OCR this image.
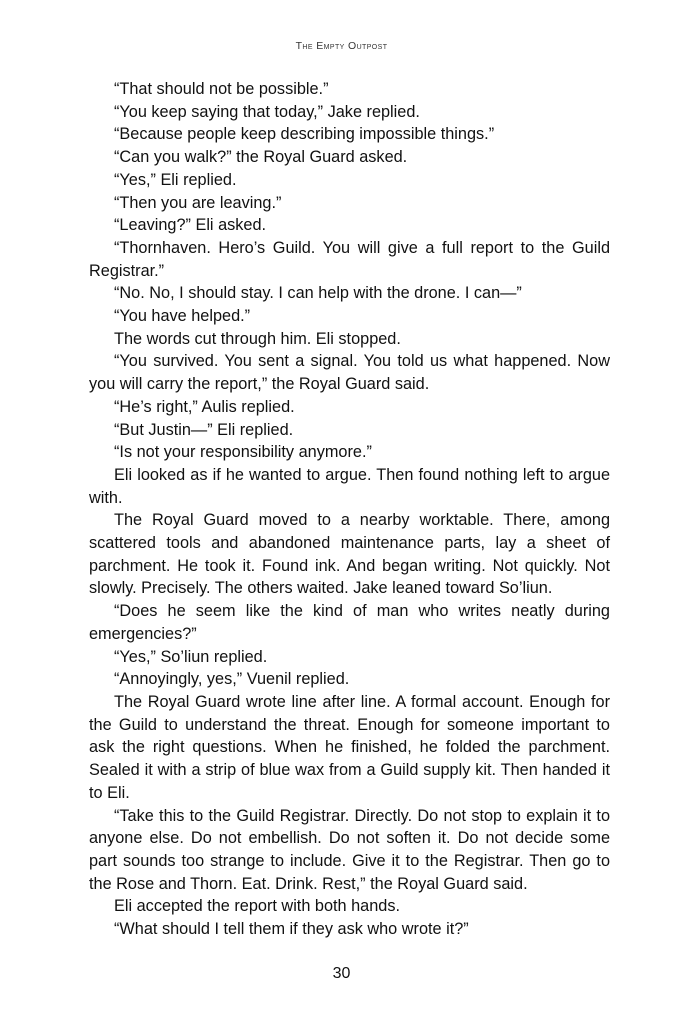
The Empty Outpost

“That should not be possible.”

“You keep saying that today,” Jake replied.

“Because people keep describing impossible things.”

“Can you walk?” the Royal Guard asked.

“Yes,” Eli replied.

“Then you are leaving.”

“Leaving?” Eli asked.

“Thornhaven. Hero’s Guild. You will give a full report to the Guild Registrar.”

“No. No, I should stay. I can help with the drone. I can—”

“You have helped.”

The words cut through him. Eli stopped.

“You survived. You sent a signal. You told us what happened. Now you will carry the report,” the Royal Guard said.

“He’s right,” Aulis replied.

“But Justin—” Eli replied.

“Is not your responsibility anymore.”

Eli looked as if he wanted to argue. Then found nothing left to argue with.

The Royal Guard moved to a nearby worktable. There, among scattered tools and abandoned maintenance parts, lay a sheet of parchment. He took it. Found ink. And began writing. Not quickly. Not slowly. Precisely. The others waited. Jake leaned toward So’liun.

“Does he seem like the kind of man who writes neatly during emergencies?”

“Yes,” So’liun replied.

“Annoyingly, yes,” Vuenil replied.

The Royal Guard wrote line after line. A formal account. Enough for the Guild to understand the threat. Enough for someone important to ask the right questions. When he finished, he folded the parchment. Sealed it with a strip of blue wax from a Guild supply kit. Then handed it to Eli.

“Take this to the Guild Registrar. Directly. Do not stop to explain it to anyone else. Do not embellish. Do not soften it. Do not decide some part sounds too strange to include. Give it to the Registrar. Then go to the Rose and Thorn. Eat. Drink. Rest,” the Royal Guard said.

Eli accepted the report with both hands.

“What should I tell them if they ask who wrote it?”

30
